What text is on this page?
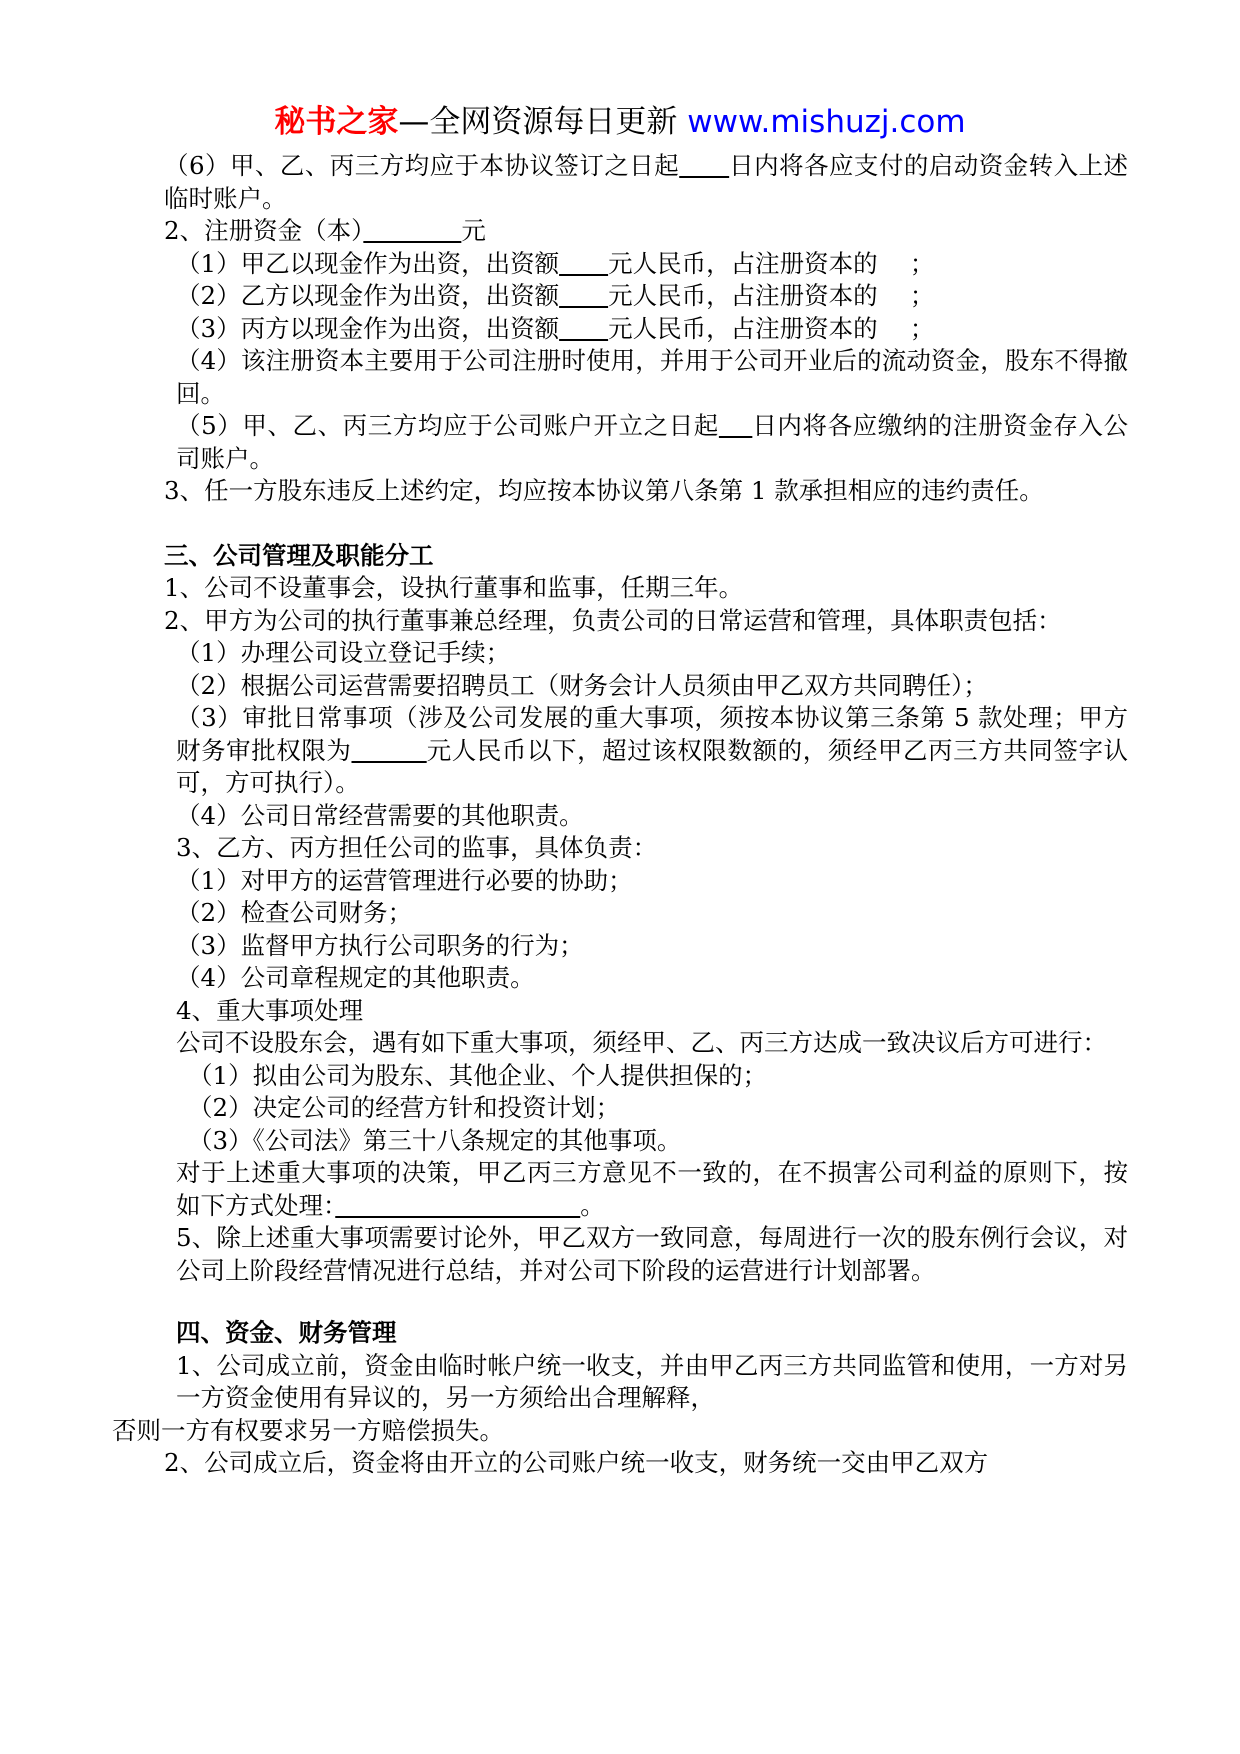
秘书之家—全网资源每日更新 www.mishuzj.com

（6）甲、乙、丙三方均应于本协议签订之日起　　 日内将各应支付的启动资金转入上述临时账户。

2、注册资金（本）　　　　	元

（1）甲乙以现金作为出资，出资额　　 元人民币，占注册资本的　 ；

（2）乙方以现金作为出资，出资额　　 元人民币，占注册资本的　 ；

（3）丙方以现金作为出资，出资额　　 元人民币，占注册资本的　 ；

（4）该注册资本主要用于公司注册时使用，并用于公司开业后的流动资金，股东不得撤回。

（5）甲、乙、丙三方均应于公司账户开立之日起　 日内将各应缴纳的注册资金存入公司账户。

3、任一方股东违反上述约定，均应按本协议第八条第 1 款承担相应的违约责任。

三、公司管理及职能分工

1、公司不设董事会，设执行董事和监事，任期三年。

2、甲方为公司的执行董事兼总经理，负责公司的日常运营和管理，具体职责包括：

（1）办理公司设立登记手续；

（2）根据公司运营需要招聘员工（财务会计人员须由甲乙双方共同聘任）；

（3）审批日常事项（涉及公司发展的重大事项，须按本协议第三条第 5 款处理；甲方财务审批权限为　　　	元人民币以下，超过该权限数额的，须经甲乙丙三方共同签字认可，方可执行）。

（4）公司日常经营需要的其他职责。

3、乙方、丙方担任公司的监事，具体负责：

（1）对甲方的运营管理进行必要的协助；

（2）检查公司财务；

（3）监督甲方执行公司职务的行为；

（4）公司章程规定的其他职责。

4、重大事项处理

公司不设股东会，遇有如下重大事项，须经甲、乙、丙三方达成一致决议后方可进行：

（1）拟由公司为股东、其他企业、个人提供担保的；

（2）决定公司的经营方针和投资计划；

（3）《公司法》第三十八条规定的其他事项。

对于上述重大事项的决策，甲乙丙三方意见不一致的，在不损害公司利益的原则下，按如下方式处理：　　　　　　　　　　	。

5、除上述重大事项需要讨论外，甲乙双方一致同意，每周进行一次的股东例行会议，对公司上阶段经营情况进行总结，并对公司下阶段的运营进行计划部署。

四、资金、财务管理

1、公司成立前，资金由临时帐户统一收支，并由甲乙丙三方共同监管和使用，一方对另一方资金使用有异议的，另一方须给出合理解释，

否则一方有权要求另一方赔偿损失。

2、公司成立后，资金将由开立的公司账户统一收支，财务统一交由甲乙双方
